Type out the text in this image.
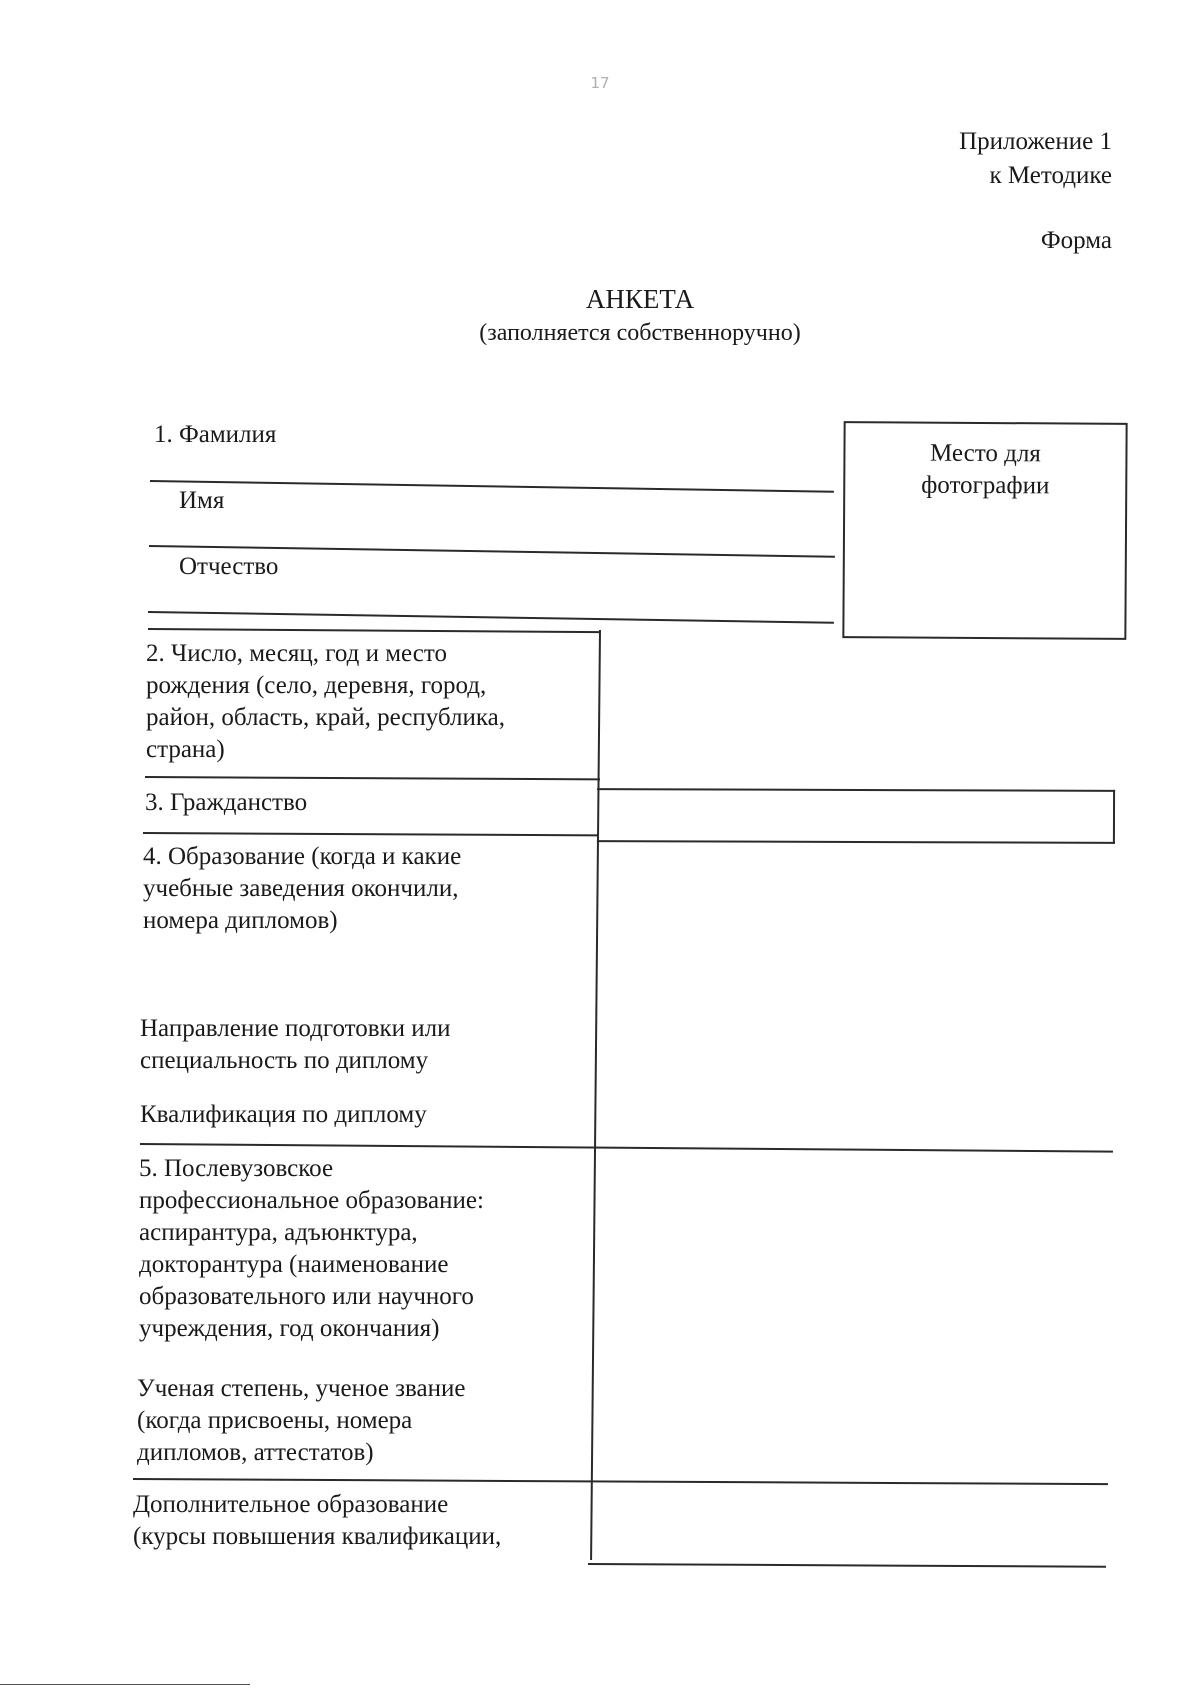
17
Приложение 1
к Методике
Форма
АНКЕТА
(заполняется собственноручно)
Место для
фотографии
1. Фамилия
Имя
Отчество
2. Число, месяц, год и место
рождения (село, деревня, город,
район, область, край, республика,
страна)
3. Гражданство
4. Образование (когда и какие
учебные заведения окончили,
номера дипломов)
Направление подготовки или
специальность по диплому
Квалификация по диплому
5. Послевузовское
профессиональное образование:
аспирантура, адъюнктура,
докторантура (наименование
образовательного или научного
учреждения, год окончания)
Ученая степень, ученое звание
(когда присвоены, номера
дипломов, аттестатов)
Дополнительное образование
(курсы повышения квалификации,
